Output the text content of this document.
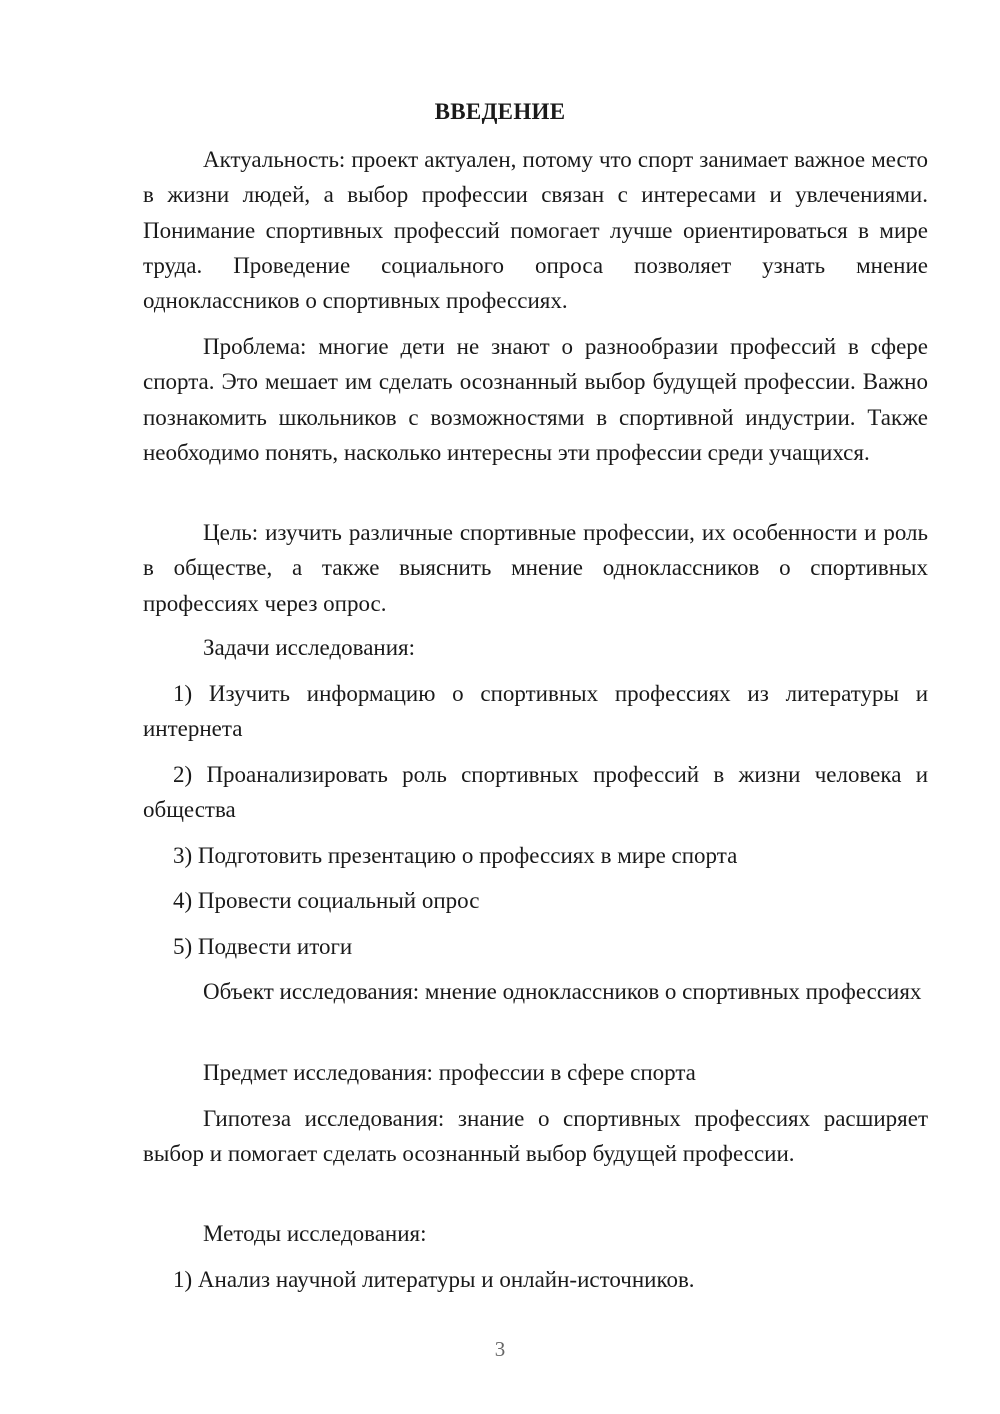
ВВЕДЕНИЕ

Актуальность: проект актуален, потому что спорт занимает важное место в жизни людей, а выбор профессии связан с интересами и увлечениями. Понимание спортивных профессий помогает лучше ориентироваться в мире труда. Проведение социального опроса позволяет узнать мнение одноклассников о спортивных профессиях.

Проблема: многие дети не знают о разнообразии профессий в сфере спорта. Это мешает им сделать осознанный выбор будущей профессии. Важно познакомить школьников с возможностями в спортивной индустрии. Также необходимо понять, насколько интересны эти профессии среди учащихся.

Цель: изучить различные спортивные профессии, их особенности и роль в обществе, а также выяснить мнение одноклассников о спортивных профессиях через опрос.

Задачи исследования:

1) Изучить информацию о спортивных профессиях из литературы и интернета

2) Проанализировать роль спортивных профессий в жизни человека и общества

3) Подготовить презентацию о профессиях в мире спорта

4) Провести социальный опрос

5) Подвести итоги

Объект исследования: мнение одноклассников о спортивных профессиях

Предмет исследования: профессии в сфере спорта

Гипотеза исследования: знание о спортивных профессиях расширяет выбор и помогает сделать осознанный выбор будущей профессии.

Методы исследования:

1) Анализ научной литературы и онлайн-источников.

3
